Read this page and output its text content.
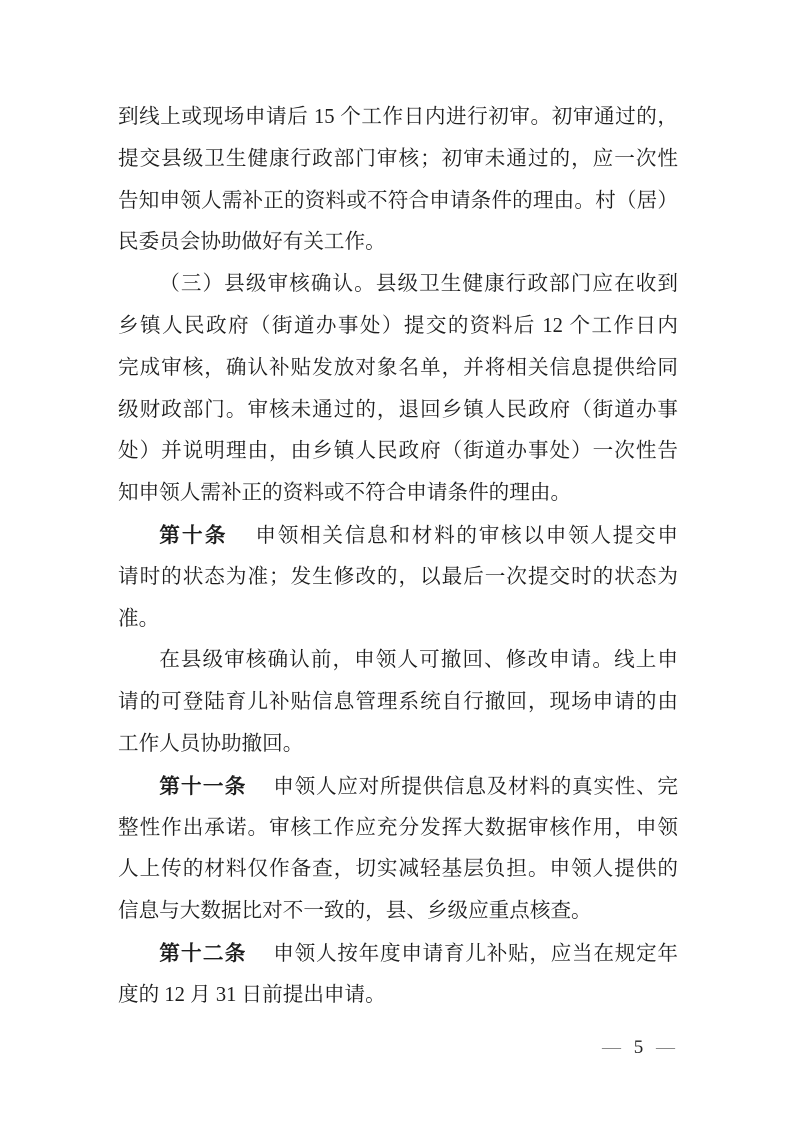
到线上或现场申请后 15 个工作日内进行初审。初审通过的，
提交县级卫生健康行政部门审核；初审未通过的，应一次性
告知申领人需补正的资料或不符合申请条件的理由。村（居）
民委员会协助做好有关工作。

（三）县级审核确认。县级卫生健康行政部门应在收到
乡镇人民政府（街道办事处）提交的资料后 12 个工作日内
完成审核，确认补贴发放对象名单，并将相关信息提供给同
级财政部门。审核未通过的，退回乡镇人民政府（街道办事
处）并说明理由，由乡镇人民政府（街道办事处）一次性告
知申领人需补正的资料或不符合申请条件的理由。

第十条 申领相关信息和材料的审核以申领人提交申
请时的状态为准；发生修改的，以最后一次提交时的状态为
准。

在县级审核确认前，申领人可撤回、修改申请。线上申
请的可登陆育儿补贴信息管理系统自行撤回，现场申请的由
工作人员协助撤回。

第十一条 申领人应对所提供信息及材料的真实性、完
整性作出承诺。审核工作应充分发挥大数据审核作用，申领
人上传的材料仅作备查，切实减轻基层负担。申领人提供的
信息与大数据比对不一致的，县、乡级应重点核查。

第十二条 申领人按年度申请育儿补贴，应当在规定年
度的 12 月 31 日前提出申请。

— 5 —
